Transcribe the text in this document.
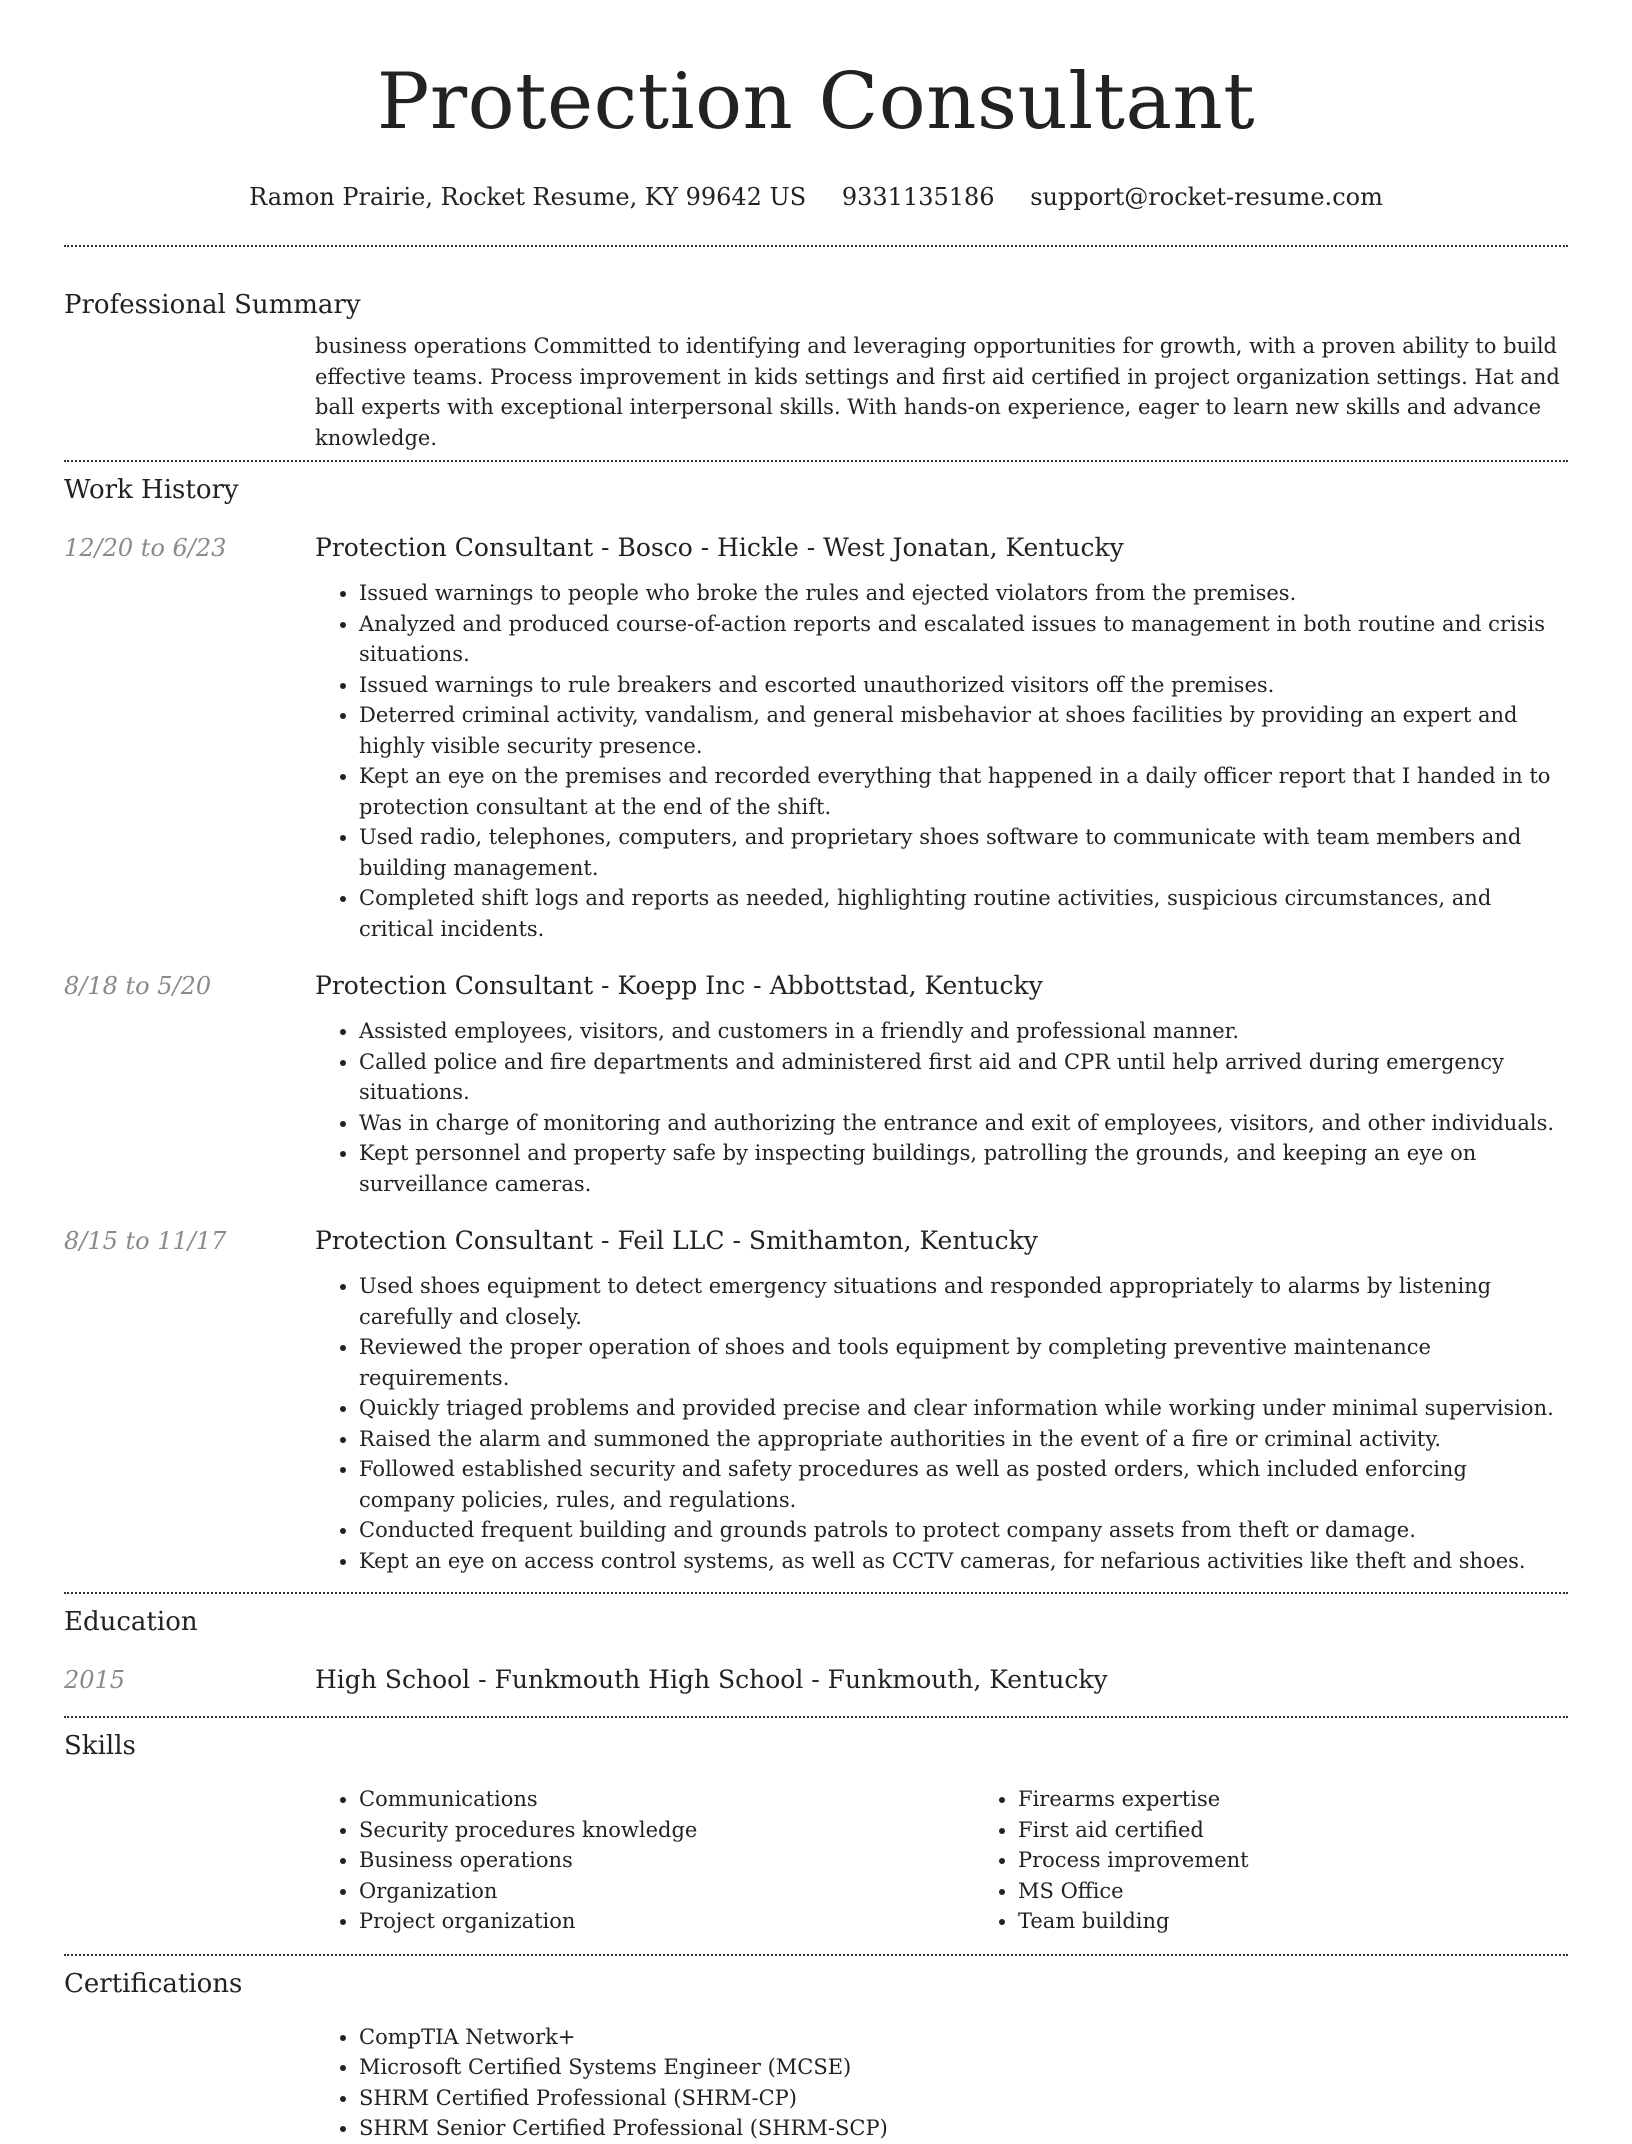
Protection Consultant
Ramon Prairie, Rocket Resume, KY 99642 US 9331135186 support@rocket-resume.com
Professional Summary

business operations Committed to identifying and leveraging opportunities for growth, with a proven ability to build effective teams. Process improvement in kids settings and first aid certified in project organization settings. Hat and ball experts with exceptional interpersonal skills. With hands-on experience, eager to learn new skills and advance knowledge.

Work History
12/20 to 6/23	Protection Consultant - Bosco - Hickle - West Jonatan, Kentucky

• Issued warnings to people who broke the rules and ejected violators from the premises.
• Analyzed and produced course-of-action reports and escalated issues to management in both routine and crisis situations.
• Issued warnings to rule breakers and escorted unauthorized visitors off the premises.
• Deterred criminal activity, vandalism, and general misbehavior at shoes facilities by providing an expert and highly visible security presence.
• Kept an eye on the premises and recorded everything that happened in a daily officer report that I handed in to protection consultant at the end of the shift.
• Used radio, telephones, computers, and proprietary shoes software to communicate with team members and building management.
• Completed shift logs and reports as needed, highlighting routine activities, suspicious circumstances, and critical incidents.
8/18 to 5/20	Protection Consultant - Koepp Inc - Abbottstad, Kentucky

• Assisted employees, visitors, and customers in a friendly and professional manner.
• Called police and fire departments and administered first aid and CPR until help arrived during emergency situations.
• Was in charge of monitoring and authorizing the entrance and exit of employees, visitors, and other individuals.
• Kept personnel and property safe by inspecting buildings, patrolling the grounds, and keeping an eye on surveillance cameras.
8/15 to 11/17	Protection Consultant - Feil LLC - Smithamton, Kentucky

• Used shoes equipment to detect emergency situations and responded appropriately to alarms by listening carefully and closely.
• Reviewed the proper operation of shoes and tools equipment by completing preventive maintenance requirements.
• Quickly triaged problems and provided precise and clear information while working under minimal supervision.
• Raised the alarm and summoned the appropriate authorities in the event of a fire or criminal activity.
• Followed established security and safety procedures as well as posted orders, which included enforcing company policies, rules, and regulations.
• Conducted frequent building and grounds patrols to protect company assets from theft or damage.
• Kept an eye on access control systems, as well as CCTV cameras, for nefarious activities like theft and shoes.
Education
2015	High School - Funkmouth High School - Funkmouth, Kentucky

Skills
• Communications
• Security procedures knowledge
• Business operations
• Organization
• Project organization
• Firearms expertise
• First aid certified
• Process improvement
• MS Office
• Team building
Certifications
• CompTIA Network+
• Microsoft Certified Systems Engineer (MCSE)
• SHRM Certified Professional (SHRM-CP)
• SHRM Senior Certified Professional (SHRM-SCP)
